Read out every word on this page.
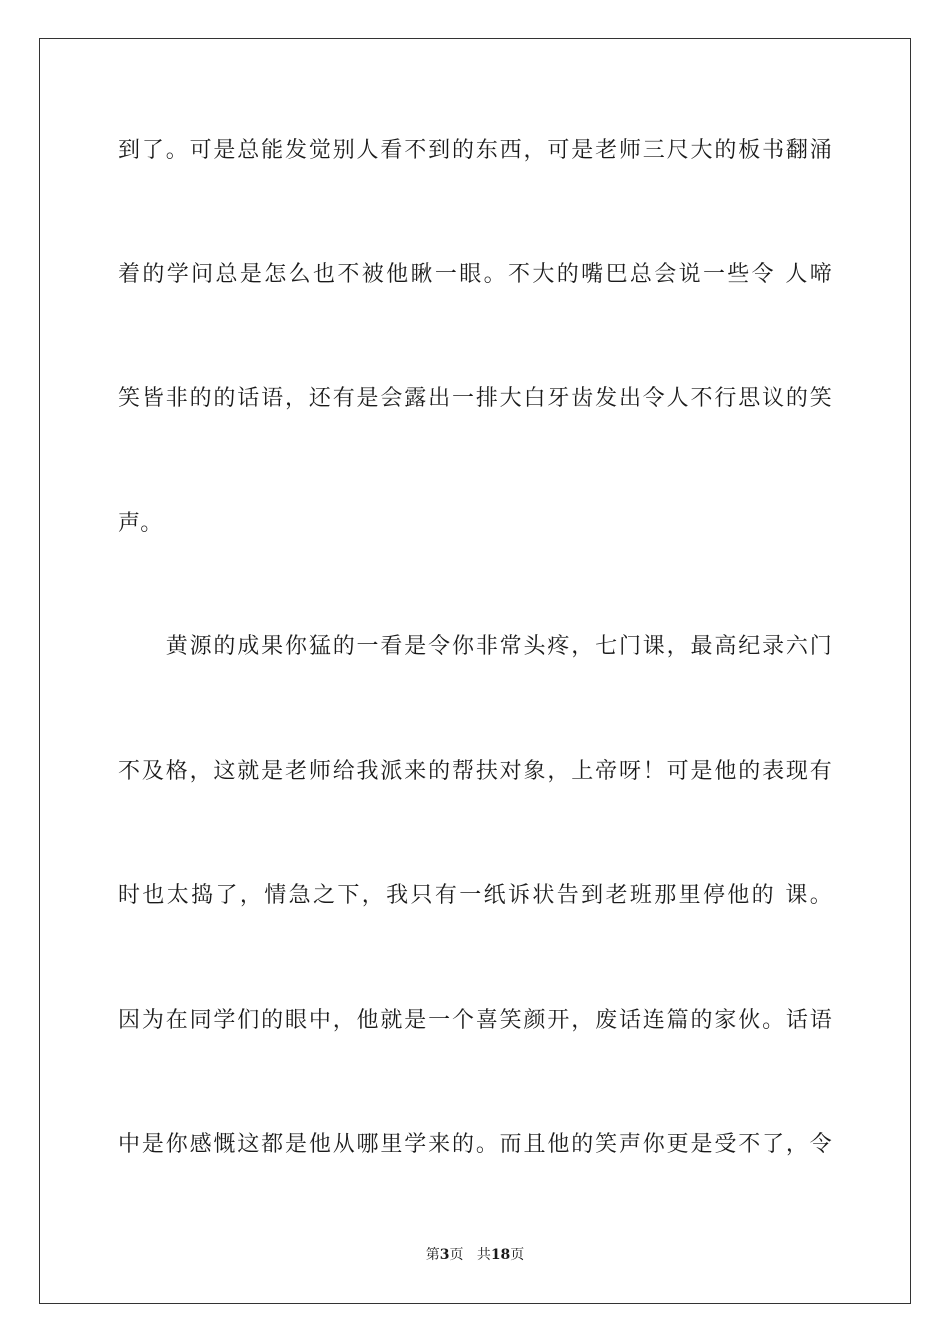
到了。可是总能发觉别人看不到的东西，可是老师三尺大的板书翻涌
着的学问总是怎么也不被他瞅一眼。不大的嘴巴总会说一些令 人啼
笑皆非的的话语，还有是会露出一排大白牙齿发出令人不行思议的笑
声。
　　黄源的成果你猛的一看是令你非常头疼，七门课，最高纪录六门
不及格，这就是老师给我派来的帮扶对象，上帝呀！可是他的表现有
时也太捣了，情急之下，我只有一纸诉状告到老班那里停他的 课。
因为在同学们的眼中，他就是一个喜笑颜开，废话连篇的家伙。话语
中是你感慨这都是他从哪里学来的。而且他的笑声你更是受不了，令
第3页 共18页
